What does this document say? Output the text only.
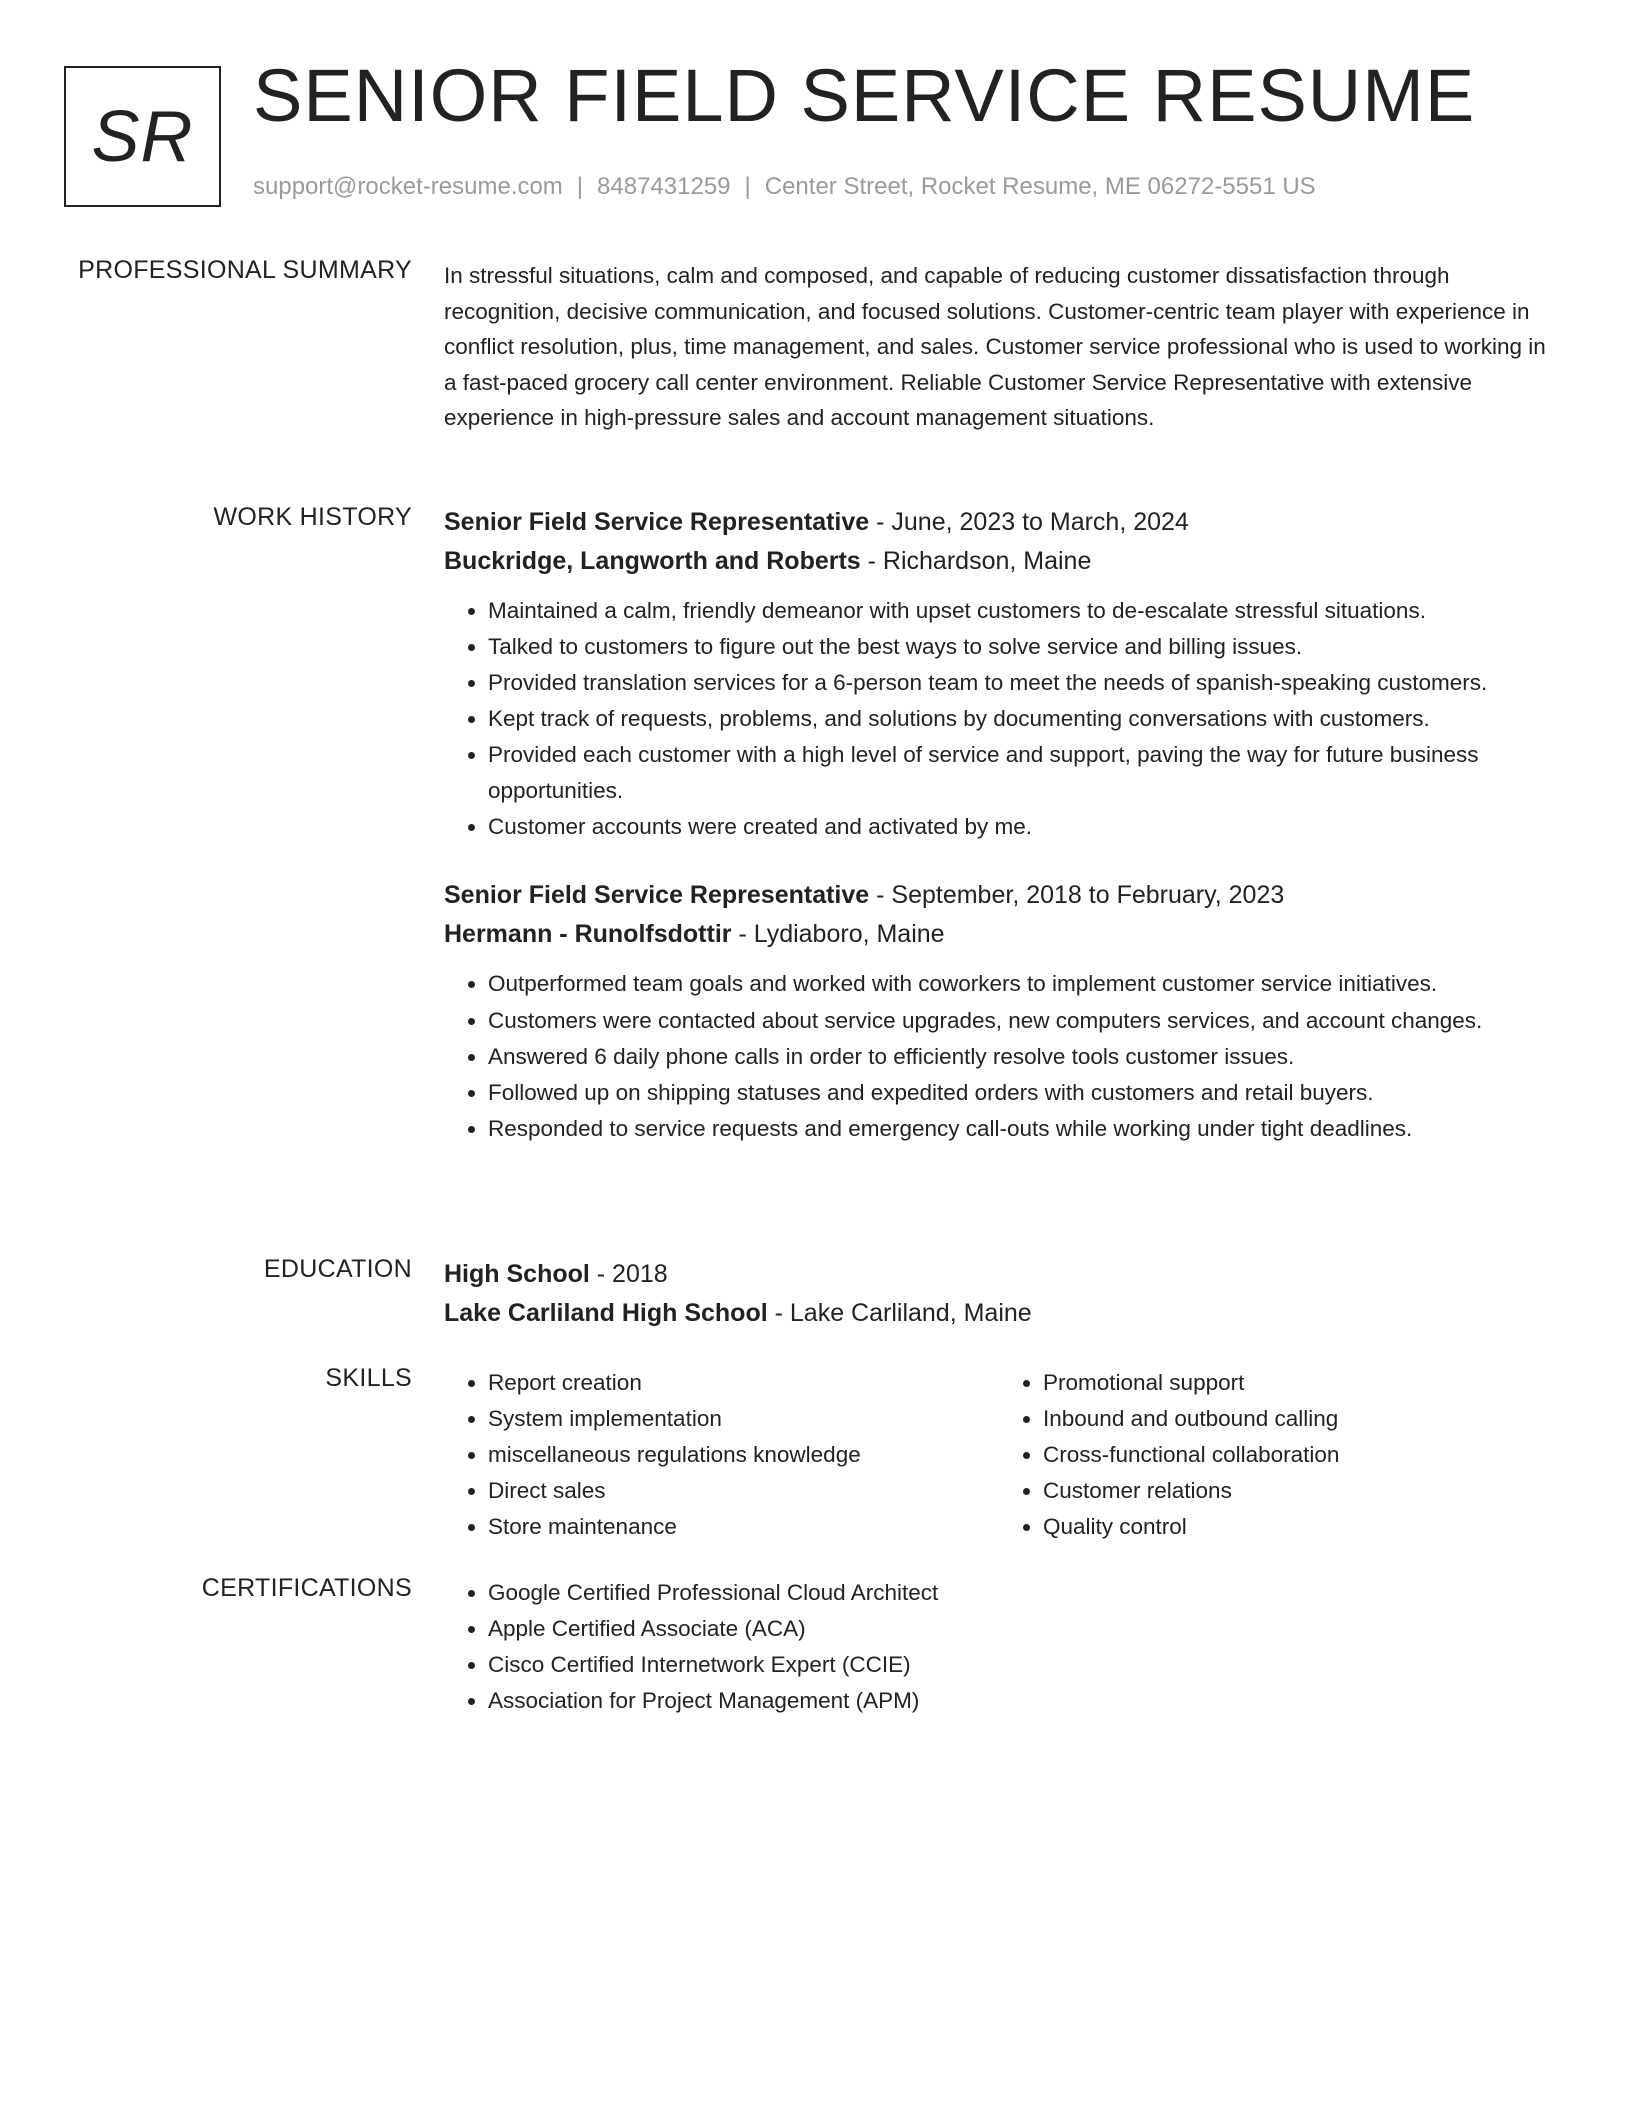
SR SENIOR FIELD SERVICE RESUME
support@rocket-resume.com | 8487431259 | Center Street, Rocket Resume, ME 06272-5551 US
PROFESSIONAL SUMMARY In stressful situations, calm and composed, and capable of reducing customer dissatisfaction through recognition, decisive communication, and focused solutions. Customer-centric team player with experience in conflict resolution, plus, time management, and sales. Customer service professional who is used to working in a fast-paced grocery call center environment. Reliable Customer Service Representative with extensive experience in high-pressure sales and account management situations.

WORK HISTORY Senior Field Service Representative - June, 2023 to March, 2024
Buckridge, Langworth and Roberts - Richardson, Maine
• Maintained a calm, friendly demeanor with upset customers to de-escalate stressful situations.
• Talked to customers to figure out the best ways to solve service and billing issues.
• Provided translation services for a 6-person team to meet the needs of spanish-speaking customers.
• Kept track of requests, problems, and solutions by documenting conversations with customers.
• Provided each customer with a high level of service and support, paving the way for future business opportunities.
• Customer accounts were created and activated by me.
Senior Field Service Representative - September, 2018 to February, 2023
Hermann - Runolfsdottir - Lydiaboro, Maine
• Outperformed team goals and worked with coworkers to implement customer service initiatives.
• Customers were contacted about service upgrades, new computers services, and account changes.
• Answered 6 daily phone calls in order to efficiently resolve tools customer issues.
• Followed up on shipping statuses and expedited orders with customers and retail buyers.
• Responded to service requests and emergency call-outs while working under tight deadlines.
EDUCATION High School - 2018
Lake Carliland High School - Lake Carliland, Maine
SKILLS	• Report creation
• System implementation
• miscellaneous regulations knowledge
• Direct sales
• Store maintenance
• Promotional support
• Inbound and outbound calling
• Cross-functional collaboration
• Customer relations
• Quality control
CERTIFICATIONS	• Google Certified Professional Cloud Architect
• Apple Certified Associate (ACA)
• Cisco Certified Internetwork Expert (CCIE)
• Association for Project Management (APM)
